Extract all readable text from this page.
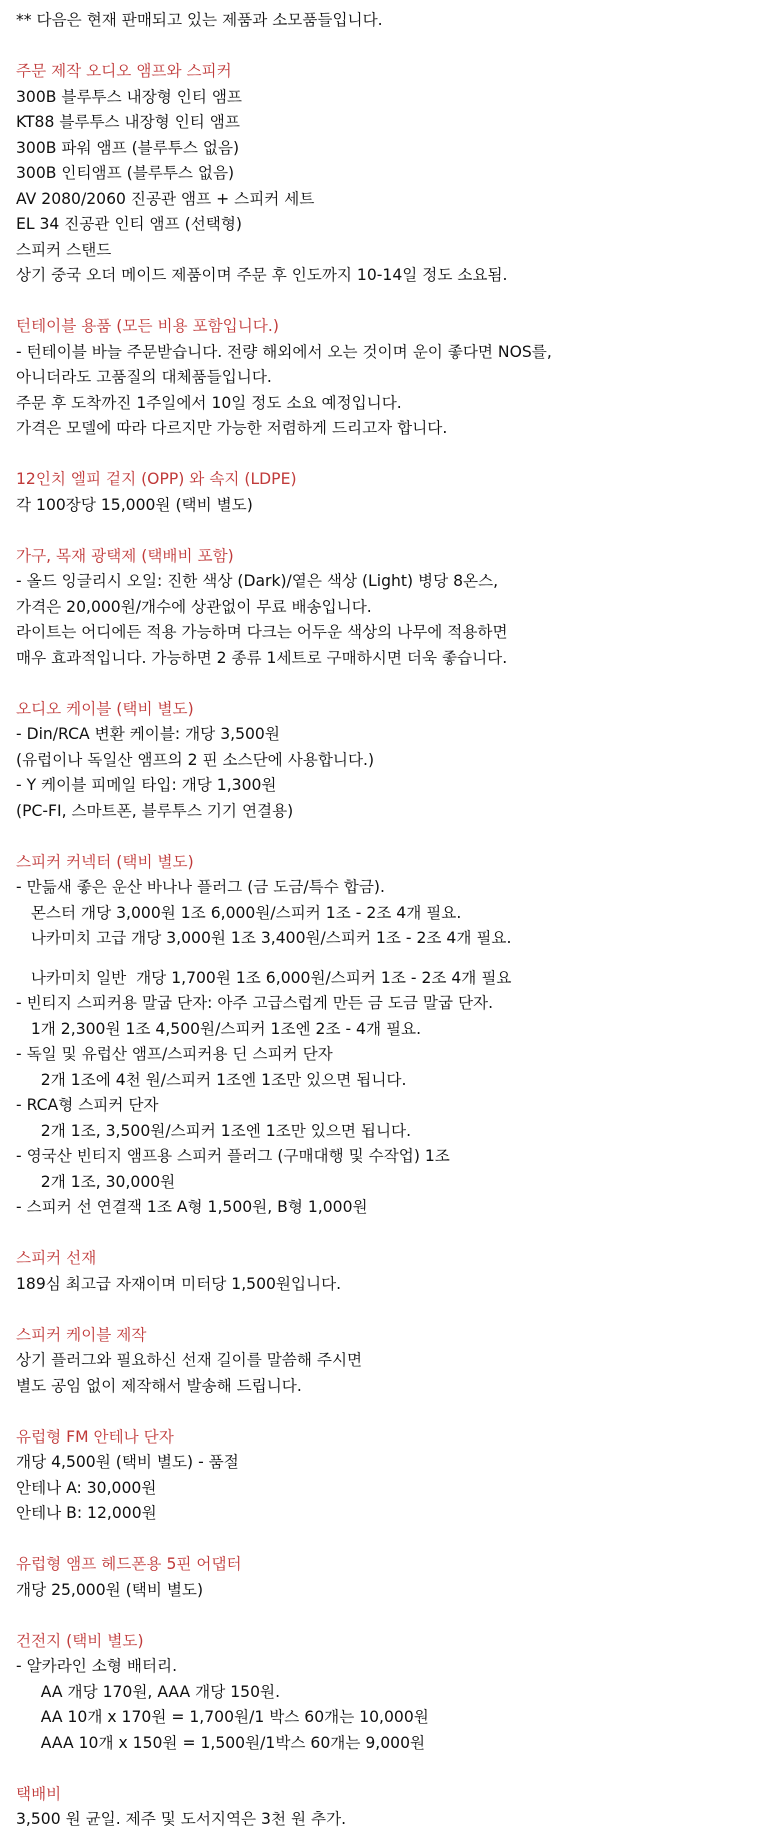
** 다음은 현재 판매되고 있는 제품과 소모품들입니다.
주문 제작 오디오 앰프와 스피커
300B 블루투스 내장형 인티 앰프
KT88 블루투스 내장형 인티 앰프
300B 파워 앰프 (블루투스 없음)
300B 인티앰프 (블루투스 없음)
AV 2080/2060 진공관 앰프 + 스피커 세트
EL 34 진공관 인티 앰프 (선택형)
스피커 스탠드
상기 중국 오더 메이드 제품이며 주문 후 인도까지 10-14일 정도 소요됨.
턴테이블 용품 (모든 비용 포함입니다.)
- 턴테이블 바늘 주문받습니다. 전량 해외에서 오는 것이며 운이 좋다면 NOS를,
아니더라도 고품질의 대체품들입니다.
주문 후 도착까진 1주일에서 10일 정도 소요 예정입니다.
가격은 모델에 따라 다르지만 가능한 저렴하게 드리고자 합니다.
12인치 엘피 겉지 (OPP) 와 속지 (LDPE)
각 100장당 15,000원 (택비 별도)
가구, 목재 광택제 (택배비 포함)
- 올드 잉글리시 오일: 진한 색상 (Dark)/옅은 색상 (Light) 병당 8온스,
가격은 20,000원/개수에 상관없이 무료 배송입니다.
라이트는 어디에든 적용 가능하며 다크는 어두운 색상의 나무에 적용하면
매우 효과적입니다. 가능하면 2 종류 1세트로 구매하시면 더욱 좋습니다.
오디오 케이블 (택비 별도)
- Din/RCA 변환 케이블: 개당 3,500원
(유럽이나 독일산 앰프의 2 핀 소스단에 사용합니다.)
- Y 케이블 피메일 타입: 개당 1,300원
(PC-FI, 스마트폰, 블루투스 기기 연결용)
스피커 커넥터 (택비 별도)
- 만듦새 좋은 운산 바나나 플러그 (금 도금/특수 합금).
몬스터 개당 3,000원 1조 6,000원/스피커 1조 - 2조 4개 필요.
나카미치 고급 개당 3,000원 1조 3,400원/스피커 1조 - 2조 4개 필요.
나카미치 일반  개당 1,700원 1조 6,000원/스피커 1조 - 2조 4개 필요
- 빈티지 스피커용 말굽 단자: 아주 고급스럽게 만든 금 도금 말굽 단자.
1개 2,300원 1조 4,500원/스피커 1조엔 2조 - 4개 필요.
- 독일 및 유럽산 앰프/스피커용 딘 스피커 단자
2개 1조에 4천 원/스피커 1조엔 1조만 있으면 됩니다.
- RCA형 스피커 단자
2개 1조, 3,500원/스피커 1조엔 1조만 있으면 됩니다.
- 영국산 빈티지 앰프용 스피커 플러그 (구매대행 및 수작업) 1조
2개 1조, 30,000원
- 스피커 선 연결잭 1조 A형 1,500원, B형 1,000원
스피커 선재
189심 최고급 자재이며 미터당 1,500원입니다.
스피커 케이블 제작
상기 플러그와 필요하신 선재 길이를 말씀해 주시면
별도 공임 없이 제작해서 발송해 드립니다.
유럽형 FM 안테나 단자
개당 4,500원 (택비 별도) - 품절
안테나 A: 30,000원
안테나 B: 12,000원
유럽형 앰프 헤드폰용 5핀 어댑터
개당 25,000원 (택비 별도)
건전지 (택비 별도)
- 알카라인 소형 배터리.
AA 개당 170원, AAA 개당 150원.
AA 10개 x 170원 = 1,700원/1 박스 60개는 10,000원
AAA 10개 x 150원 = 1,500원/1박스 60개는 9,000원
택배비
3,500 원 균일. 제주 및 도서지역은 3천 원 추가.
